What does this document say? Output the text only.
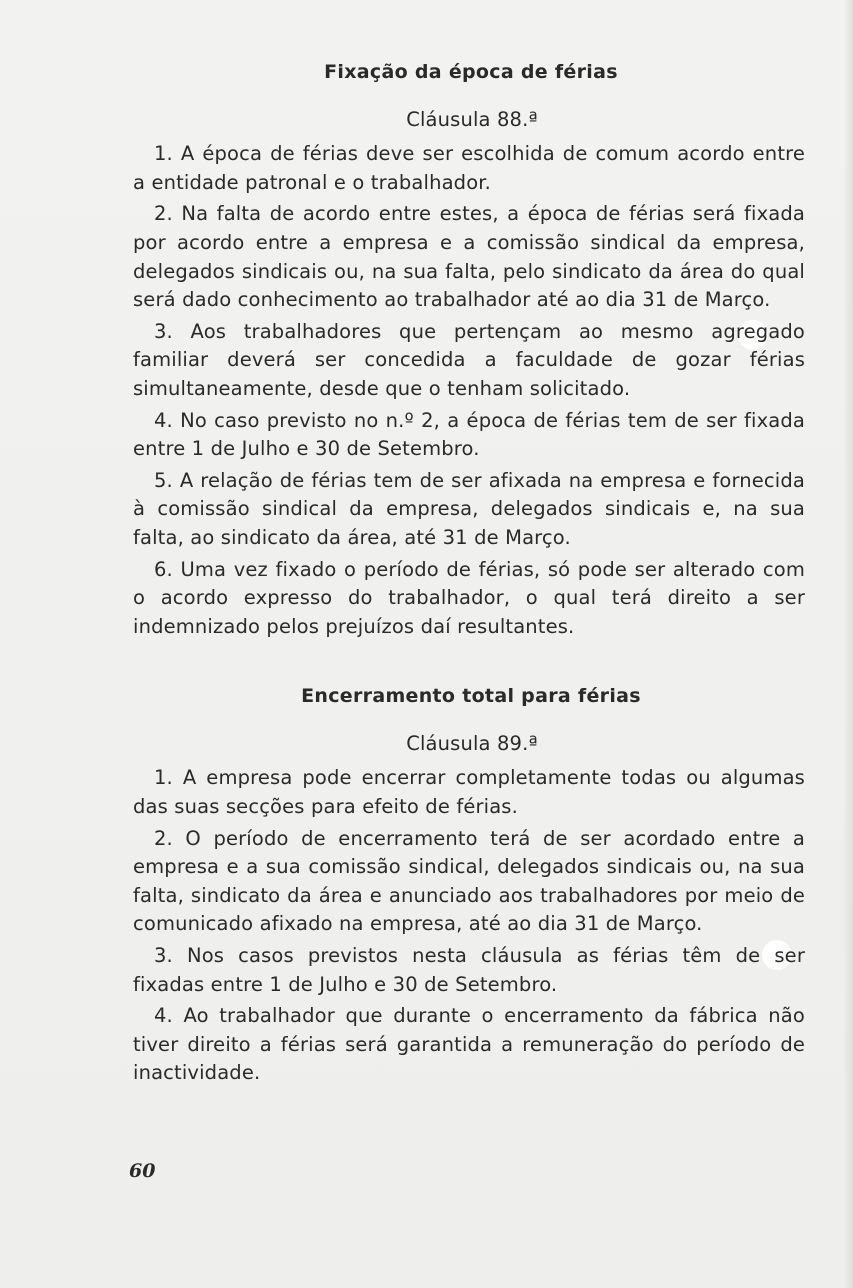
Fixação da época de férias
Cláusula 88.ª

1. A época de férias deve ser escolhida de comum acordo entre a entidade patronal e o trabalhador.

2. Na falta de acordo entre estes, a época de férias será fixada por acordo entre a empresa e a comissão sindical da empresa, delegados sindicais ou, na sua falta, pelo sindicato da área do qual será dado conhecimento ao trabalhador até ao dia 31 de Março.

3. Aos trabalhadores que pertençam ao mesmo agregado familiar deverá ser concedida a faculdade de gozar férias simultaneamente, desde que o tenham solicitado.

4. No caso previsto no n.º 2, a época de férias tem de ser fixada entre 1 de Julho e 30 de Setembro.

5. A relação de férias tem de ser afixada na empresa e fornecida à comissão sindical da empresa, delegados sindicais e, na sua falta, ao sindicato da área, até 31 de Março.

6. Uma vez fixado o período de férias, só pode ser alterado com o acordo expresso do trabalhador, o qual terá direito a ser indemnizado pelos prejuízos daí resultantes.

Encerramento total para férias
Cláusula 89.ª

1. A empresa pode encerrar completamente todas ou algumas das suas secções para efeito de férias.

2. O período de encerramento terá de ser acordado entre a empresa e a sua comissão sindical, delegados sindicais ou, na sua falta, sindicato da área e anunciado aos trabalhadores por meio de comunicado afixado na empresa, até ao dia 31 de Março.

3. Nos casos previstos nesta cláusula as férias têm de ser fixadas entre 1 de Julho e 30 de Setembro.

4. Ao trabalhador que durante o encerramento da fábrica não tiver direito a férias será garantida a remuneração do período de inactividade.

60
